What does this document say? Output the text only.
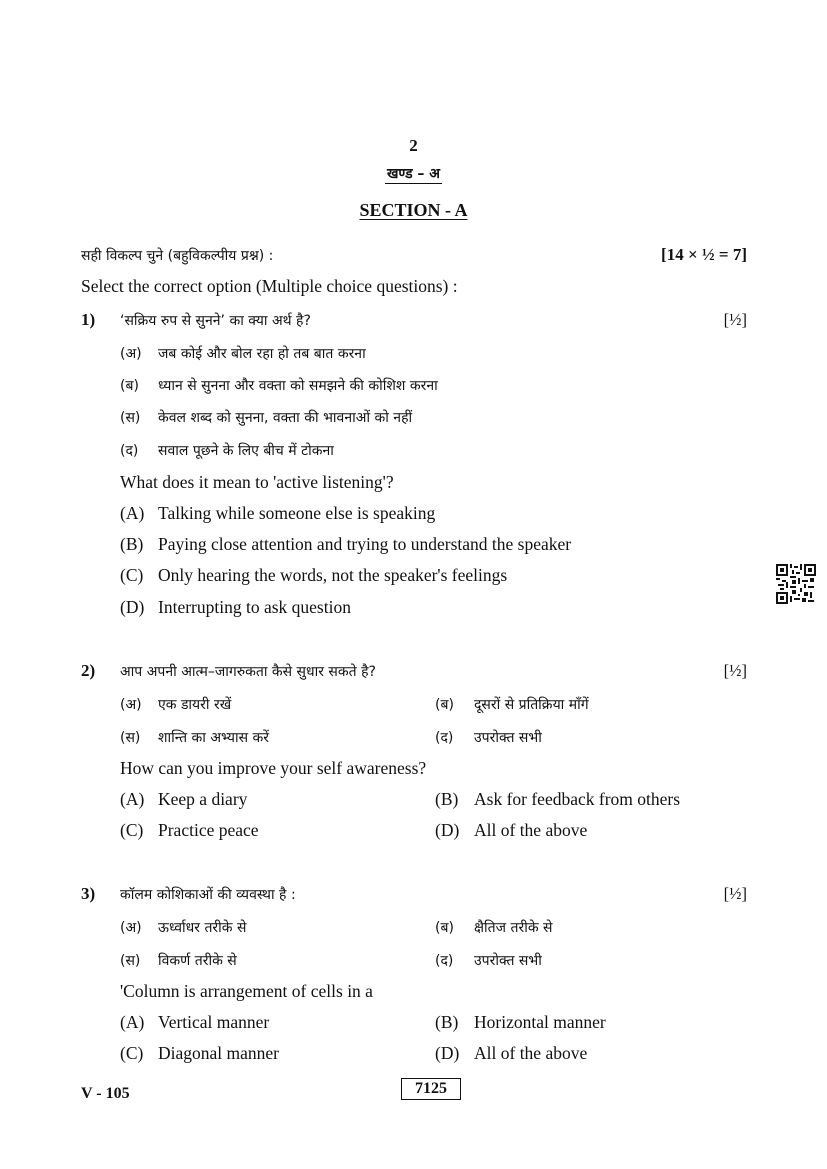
2
खण्ड – अ
SECTION - A
सही विकल्प चुने (बहुविकल्पीय प्रश्न) :	[14 × ½ = 7]
Select the correct option (Multiple choice questions) :
1) ‘सक्रिय रुप से सुनने’ का क्या अर्थ है?	[½]
(अ) जब कोई और बोल रहा हो तब बात करना
(ब) ध्यान से सुनना और वक्ता को समझने की कोशिश करना
(स) केवल शब्द को सुनना, वक्ता की भावनाओं को नहीं
(द) सवाल पूछने के लिए बीच में टोकना
What does it mean to 'active listening'?
(A) Talking while someone else is speaking
(B) Paying close attention and trying to understand the speaker
(C) Only hearing the words, not the speaker's feelings
(D) Interrupting to ask question
2) आप अपनी आत्म–जागरुकता कैसे सुधार सकते है?	[½]
(अ) एक डायरी रखें	(ब) दूसरों से प्रतिक्रिया माँगें
(स) शान्ति का अभ्यास करें	(द) उपरोक्त सभी
How can you improve your self awareness?
(A) Keep a diary	(B) Ask for feedback from others
(C) Practice peace	(D) All of the above
3) कॉलम कोशिकाओं की व्यवस्था है :	[½]
(अ) ऊर्ध्वाधर तरीके से	(ब) क्षैतिज तरीके से
(स) विकर्ण तरीके से	(द) उपरोक्त सभी
'Column is arrangement of cells in a
(A) Vertical manner	(B) Horizontal manner
(C) Diagonal manner	(D) All of the above
V - 105	7125
